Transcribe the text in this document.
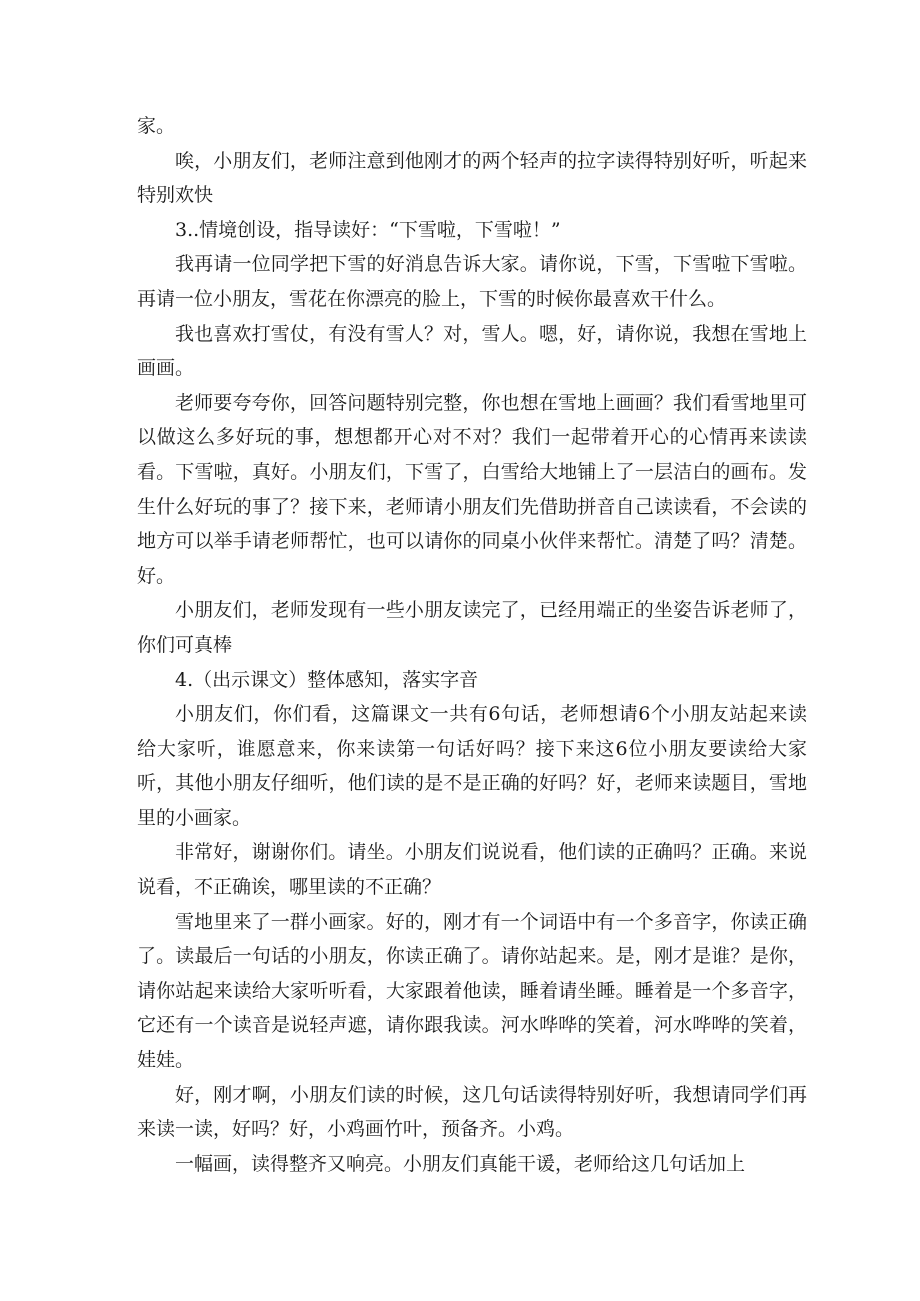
家。

唉，小朋友们，老师注意到他刚才的两个轻声的拉字读得特别好听，听起来特别欢快

3..情境创设，指导读好：“下雪啦，下雪啦！”

我再请一位同学把下雪的好消息告诉大家。请你说，下雪，下雪啦下雪啦。再请一位小朋友，雪花在你漂亮的脸上，下雪的时候你最喜欢干什么。

我也喜欢打雪仗，有没有雪人？对，雪人。嗯，好，请你说，我想在雪地上画画。

老师要夸夸你，回答问题特别完整，你也想在雪地上画画？我们看雪地里可以做这么多好玩的事，想想都开心对不对？我们一起带着开心的心情再来读读看。下雪啦，真好。小朋友们，下雪了，白雪给大地铺上了一层洁白的画布。发生什么好玩的事了？接下来，老师请小朋友们先借助拼音自己读读看，不会读的地方可以举手请老师帮忙，也可以请你的同桌小伙伴来帮忙。清楚了吗？清楚。好。

小朋友们，老师发现有一些小朋友读完了，已经用端正的坐姿告诉老师了，你们可真棒

4.（出示课文）整体感知，落实字音

小朋友们，你们看，这篇课文一共有6句话，老师想请6个小朋友站起来读给大家听，谁愿意来，你来读第一句话好吗？接下来这6位小朋友要读给大家听，其他小朋友仔细听，他们读的是不是正确的好吗？好，老师来读题目，雪地里的小画家。

非常好，谢谢你们。请坐。小朋友们说说看，他们读的正确吗？正确。来说说看，不正确诶，哪里读的不正确？

雪地里来了一群小画家。好的，刚才有一个词语中有一个多音字，你读正确了。读最后一句话的小朋友，你读正确了。请你站起来。是，刚才是谁？是你，请你站起来读给大家听听看，大家跟着他读，睡着请坐睡。睡着是一个多音字，它还有一个读音是说轻声遮，请你跟我读。河水哗哗的笑着，河水哗哗的笑着，娃娃。

好，刚才啊，小朋友们读的时候，这几句话读得特别好听，我想请同学们再来读一读，好吗？好，小鸡画竹叶，预备齐。小鸡。

一幅画，读得整齐又响亮。小朋友们真能干谖，老师给这几句话加上
